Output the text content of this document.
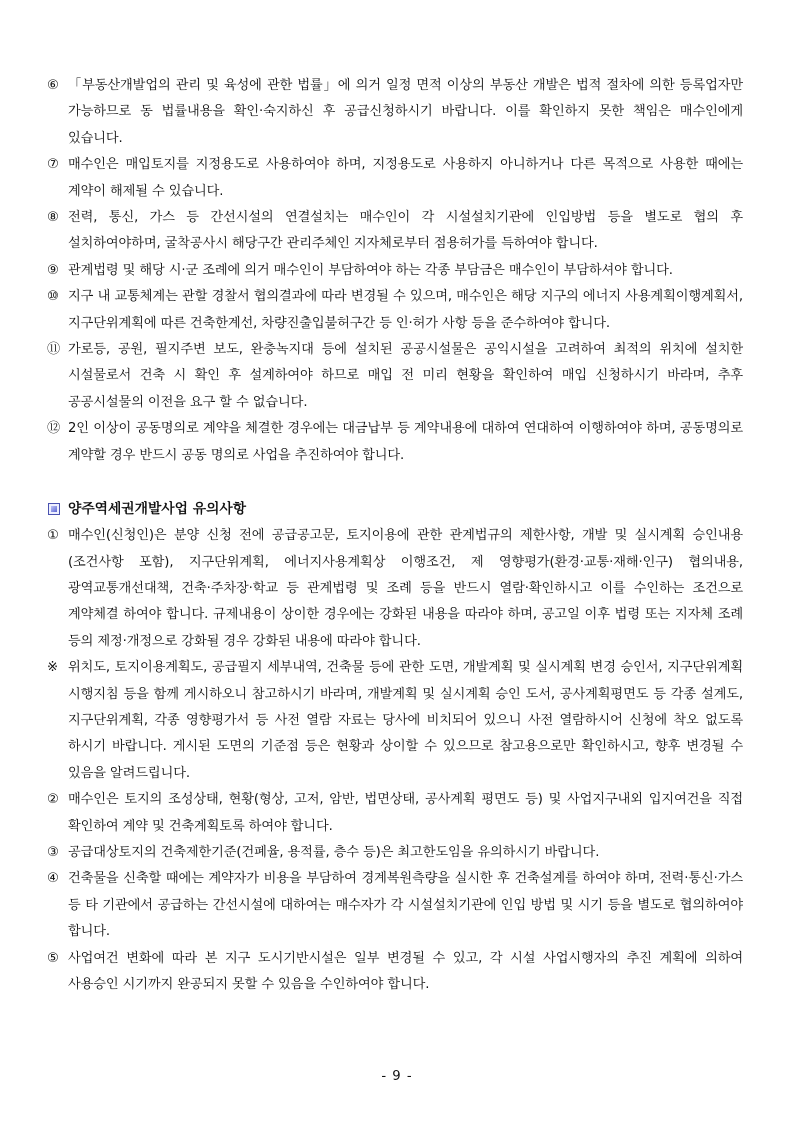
⑥ 「부동산개발업의 관리 및 육성에 관한 법률」에 의거 일정 면적 이상의 부동산 개발은 법적 절차에 의한 등록업자만 가능하므로 동 법률내용을 확인·숙지하신 후 공급신청하시기 바랍니다. 이를 확인하지 못한 책임은 매수인에게 있습니다.
⑦ 매수인은 매입토지를 지정용도로 사용하여야 하며, 지정용도로 사용하지 아니하거나 다른 목적으로 사용한 때에는 계약이 해제될 수 있습니다.
⑧ 전력, 통신, 가스 등 간선시설의 연결설치는 매수인이 각 시설설치기관에 인입방법 등을 별도로 협의 후 설치하여야하며, 굴착공사시 해당구간 관리주체인 지자체로부터 점용허가를 득하여야 합니다.
⑨ 관계법령 및 해당 시·군 조례에 의거 매수인이 부담하여야 하는 각종 부담금은 매수인이 부담하셔야 합니다.
⑩ 지구 내 교통체계는 관할 경찰서 협의결과에 따라 변경될 수 있으며, 매수인은 해당 지구의 에너지 사용계획이행계획서, 지구단위계획에 따른 건축한계선, 차량진출입불허구간 등 인·허가 사항 등을 준수하여야 합니다.
⑪ 가로등, 공원, 필지주변 보도, 완충녹지대 등에 설치된 공공시설물은 공익시설을 고려하여 최적의 위치에 설치한 시설물로서 건축 시 확인 후 설계하여야 하므로 매입 전 미리 현황을 확인하여 매입 신청하시기 바라며, 추후 공공시설물의 이전을 요구 할 수 없습니다.
⑫ 2인 이상이 공동명의로 계약을 체결한 경우에는 대금납부 등 계약내용에 대하여 연대하여 이행하여야 하며, 공동명의로 계약할 경우 반드시 공동 명의로 사업을 추진하여야 합니다.
양주역세권개발사업 유의사항
① 매수인(신청인)은 분양 신청 전에 공급공고문, 토지이용에 관한 관계법규의 제한사항, 개발 및 실시계획 승인내용(조건사항 포함), 지구단위계획, 에너지사용계획상 이행조건, 제 영향평가(환경·교통·재해·인구) 협의내용, 광역교통개선대책, 건축·주차장·학교 등 관계법령 및 조례 등을 반드시 열람·확인하시고 이를 수인하는 조건으로 계약체결 하여야 합니다. 규제내용이 상이한 경우에는 강화된 내용을 따라야 하며, 공고일 이후 법령 또는 지자체 조례 등의 제정·개정으로 강화될 경우 강화된 내용에 따라야 합니다.
※ 위치도, 토지이용계획도, 공급필지 세부내역, 건축물 등에 관한 도면, 개발계획 및 실시계획 변경 승인서, 지구단위계획 시행지침 등을 함께 게시하오니 참고하시기 바라며, 개발계획 및 실시계획 승인 도서, 공사계획평면도 등 각종 설계도, 지구단위계획, 각종 영향평가서 등 사전 열람 자료는 당사에 비치되어 있으니 사전 열람하시어 신청에 착오 없도록 하시기 바랍니다. 게시된 도면의 기준점 등은 현황과 상이할 수 있으므로 참고용으로만 확인하시고, 향후 변경될 수 있음을 알려드립니다.
② 매수인은 토지의 조성상태, 현황(형상, 고저, 암반, 법면상태, 공사계획 평면도 등) 및 사업지구내외 입지여건을 직접 확인하여 계약 및 건축계획토록 하여야 합니다.
③ 공급대상토지의 건축제한기준(건폐율, 용적률, 층수 등)은 최고한도임을 유의하시기 바랍니다.
④ 건축물을 신축할 때에는 계약자가 비용을 부담하여 경계복원측량을 실시한 후 건축설계를 하여야 하며, 전력·통신·가스 등 타 기관에서 공급하는 간선시설에 대하여는 매수자가 각 시설설치기관에 인입 방법 및 시기 등을 별도로 협의하여야 합니다.
⑤ 사업여건 변화에 따라 본 지구 도시기반시설은 일부 변경될 수 있고, 각 시설 사업시행자의 추진 계획에 의하여 사용승인 시기까지 완공되지 못할 수 있음을 수인하여야 합니다.
- 9 -
